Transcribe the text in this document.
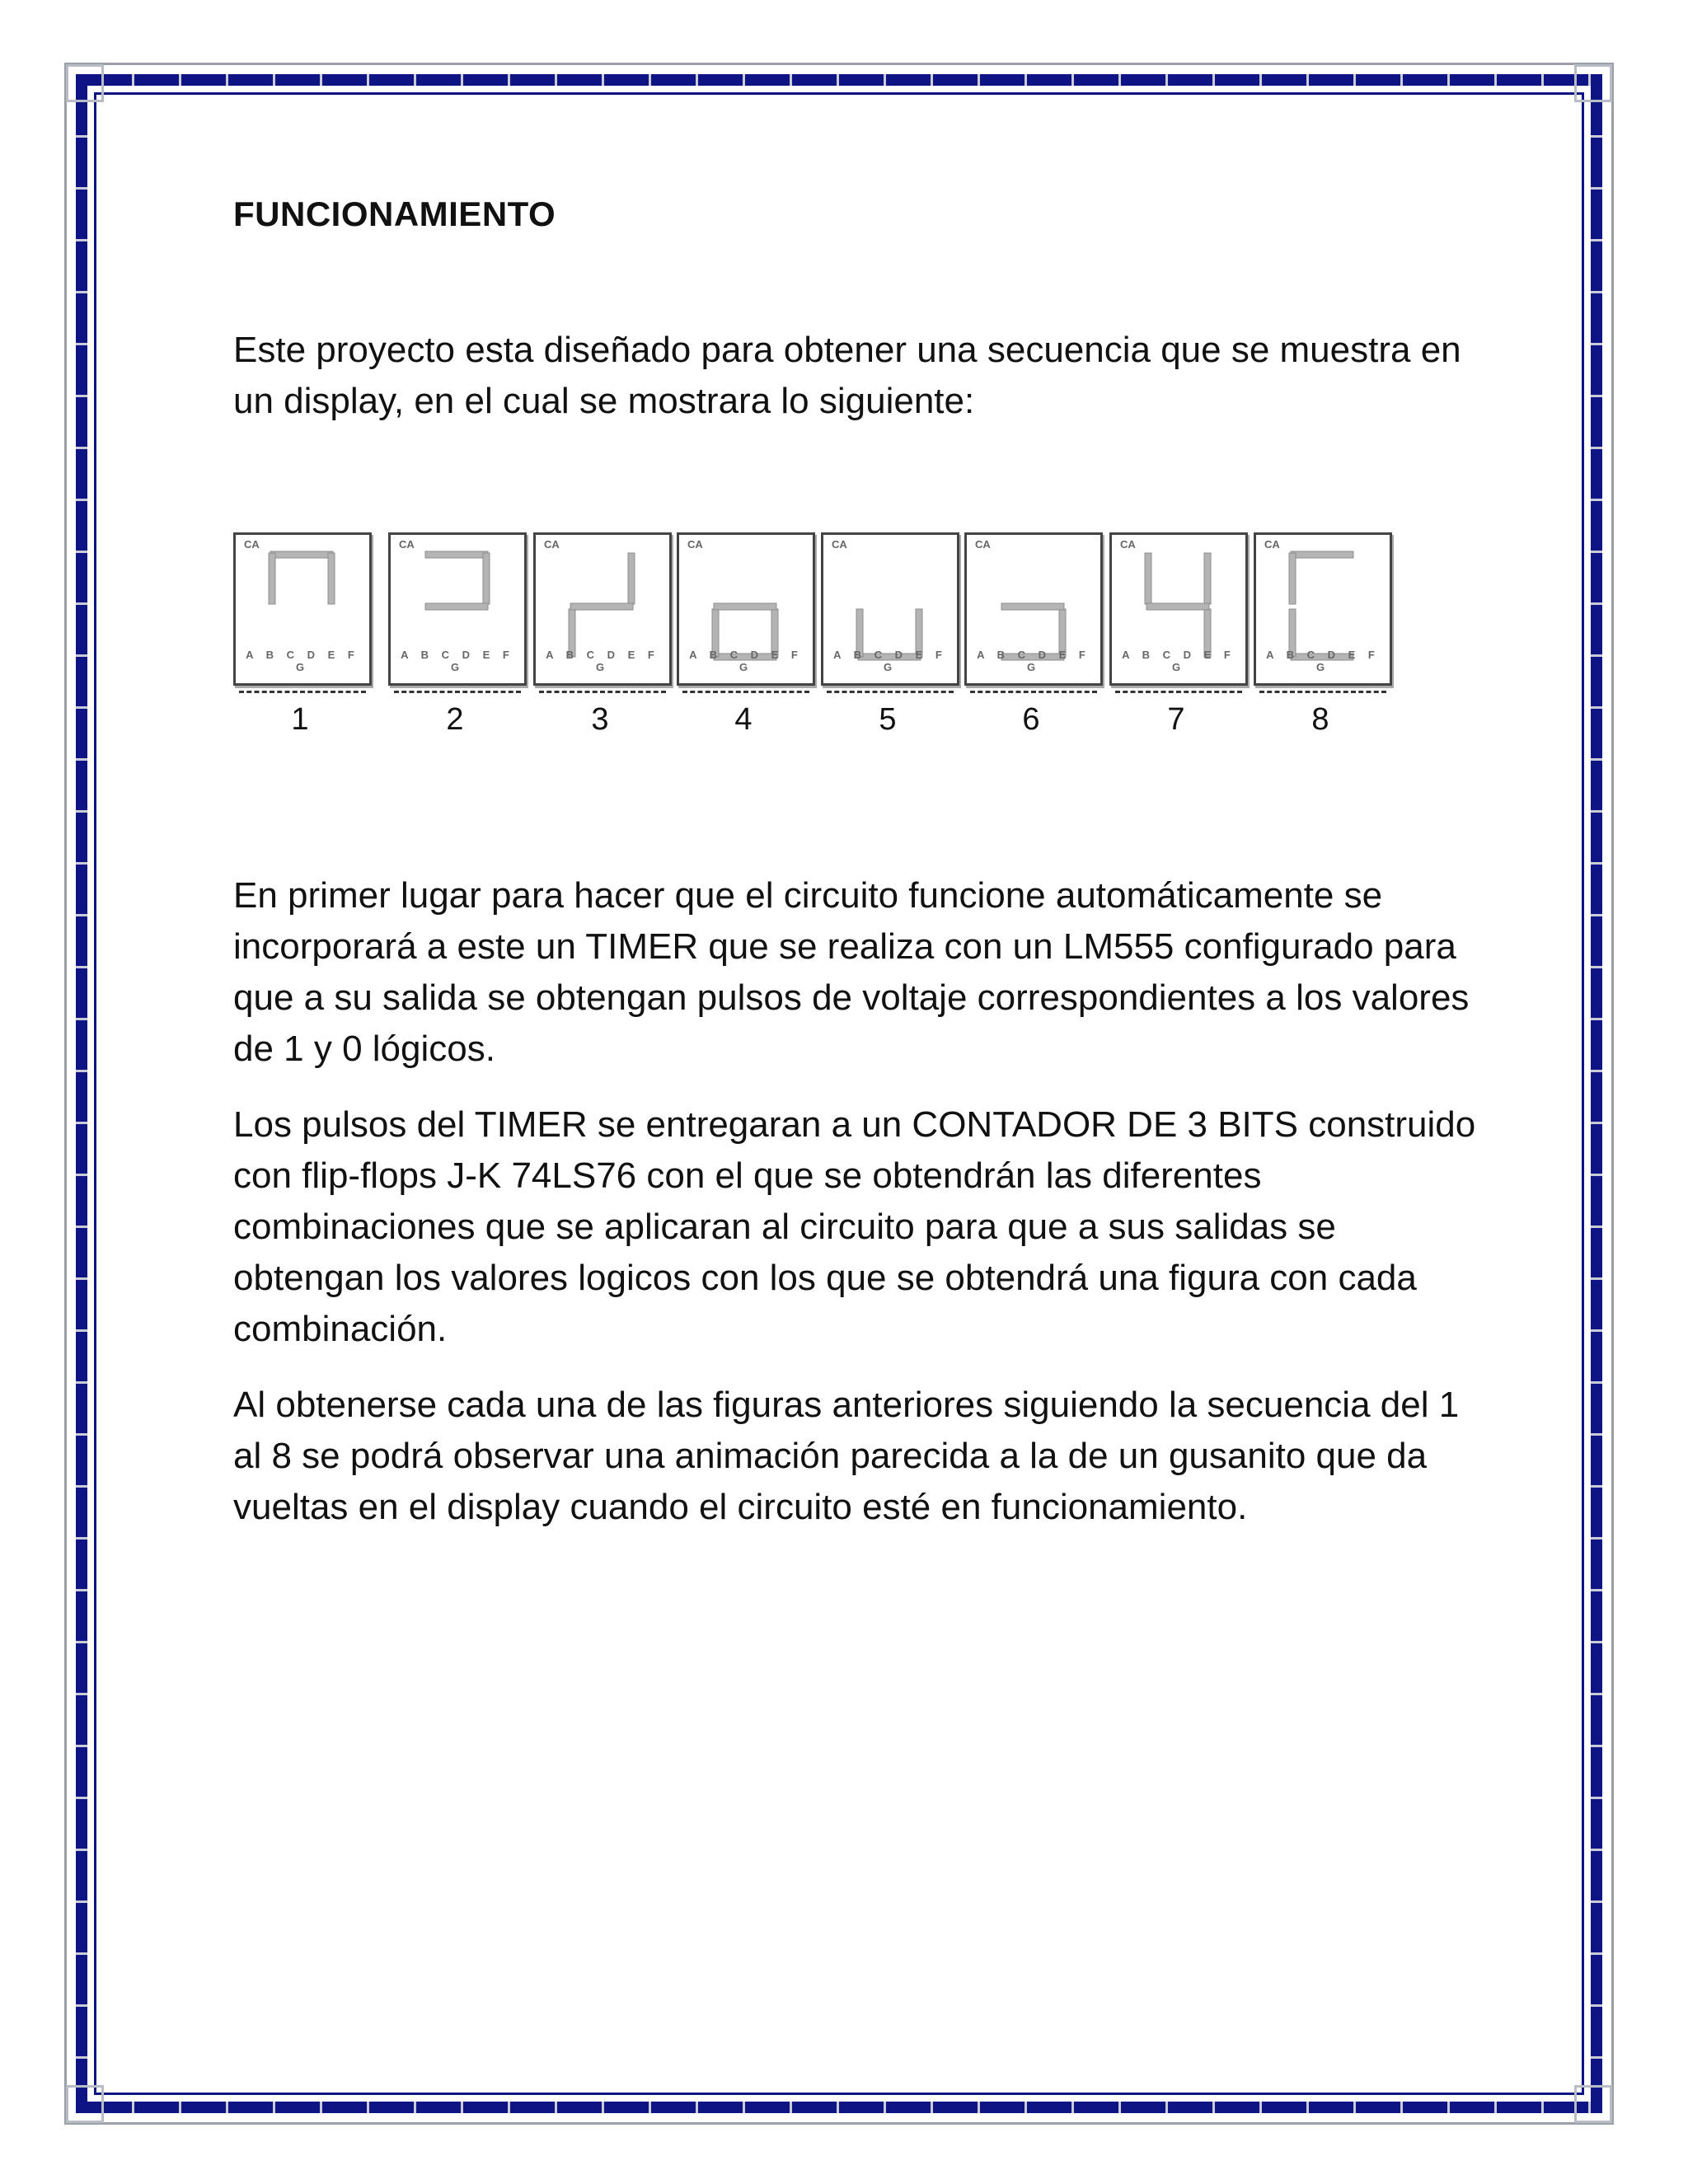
FUNCIONAMIENTO

Este proyecto esta diseñado para obtener una secuencia que se muestra en un display, en el cual se mostrara lo siguiente:

CA
A B C D E F G
1
CA
A B C D E F G
2
CA
A B C D E F G
3
CA
A B C D E F G
4
CA
A B C D E F G
5
CA
A B C D E F G
6
CA
A B C D E F G
7
CA
A B C D E F G
8

En primer lugar para hacer que el circuito funcione automáticamente se incorporará a este un TIMER que se realiza con un LM555 configurado para que a su salida se obtengan pulsos de voltaje correspondientes a los valores de 1 y 0 lógicos.

Los pulsos del TIMER se entregaran a un CONTADOR DE 3 BITS construido con flip-flops J-K 74LS76 con el que se obtendrán las diferentes combinaciones que se aplicaran al circuito para que a sus salidas se obtengan los valores logicos con los que se obtendrá una figura con cada combinación.

Al obtenerse cada una de las figuras anteriores siguiendo la secuencia del 1 al 8 se podrá observar una animación parecida a la de un gusanito que da vueltas en el display cuando el circuito esté en funcionamiento.
